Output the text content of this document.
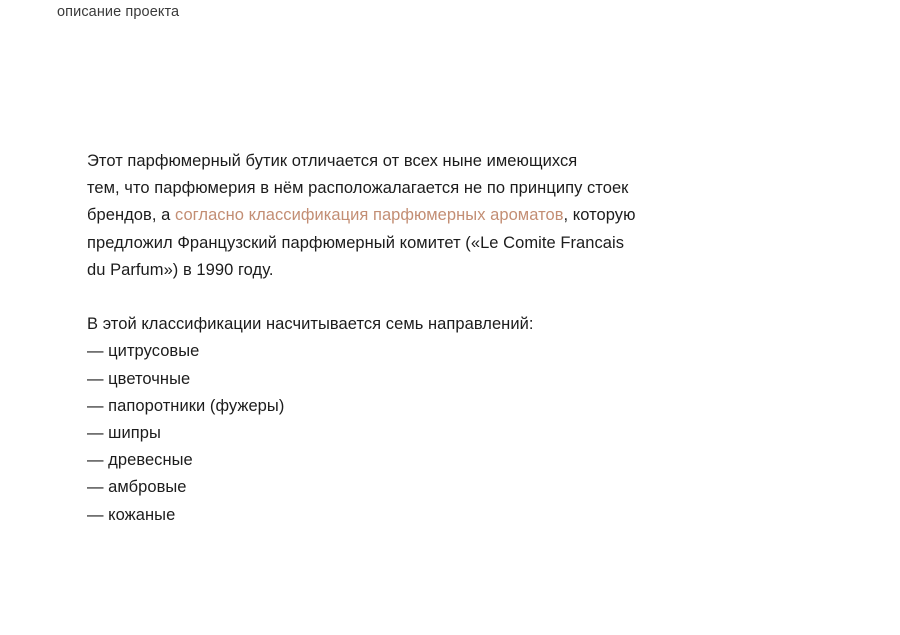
описание проекта

Этот парфюмерный бутик отличается от всех ныне имеющихся
тем, что парфюмерия в нём расположалагается не по принципу стоек
брендов, а согласно классификация парфюмерных ароматов, которую
предложил Французский парфюмерный комитет («Le Comite Francais
du Parfum») в 1990 году.

В этой классификации насчитывается семь направлений:

— цитрусовые
— цветочные
— папоротники (фужеры)
— шипры
— древесные
— амбровые
— кожаные
